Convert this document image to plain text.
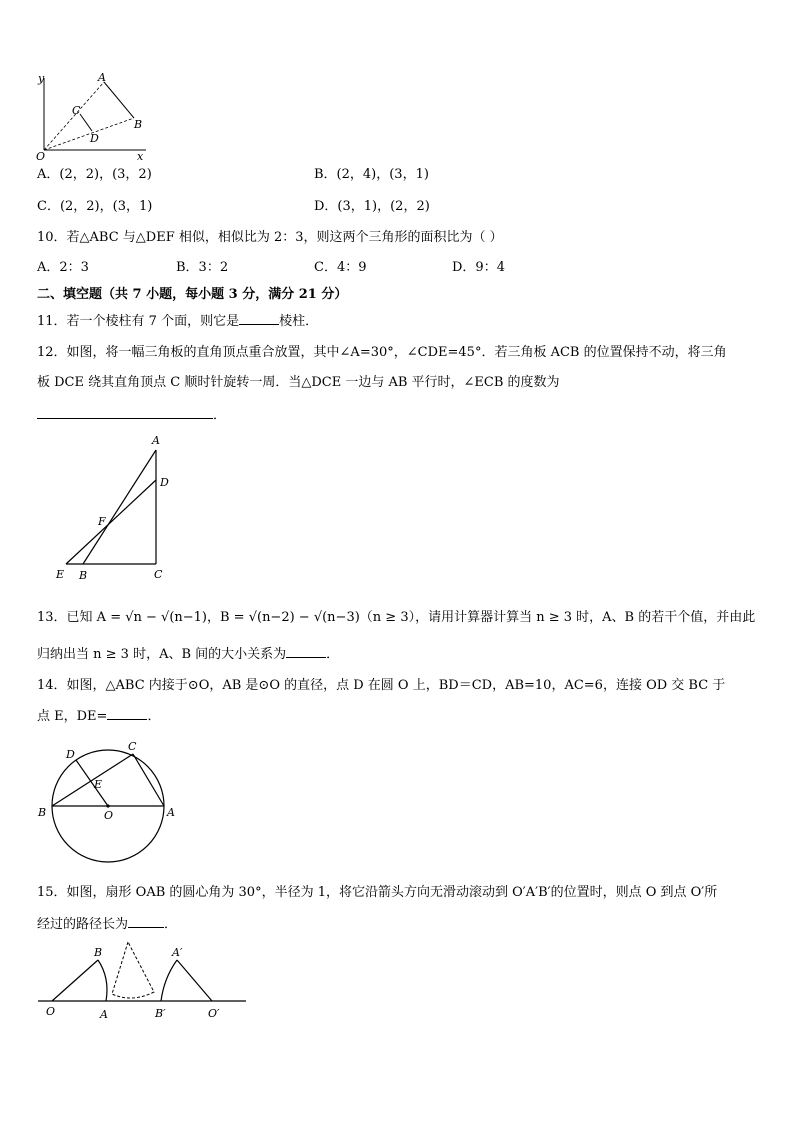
y
x
O
A
B
C
D
A．(2，2)，(3，2)	B．(2，4)，(3，1)
C．(2，2)，(3，1)	D．(3，1)，(2，2)
10．若△ABC 与△DEF 相似，相似比为 2：3，则这两个三角形的面积比为（ ）
A．2：3	B．3：2	C．4：9	D．9：4
二、填空题（共 7 小题，每小题 3 分，满分 21 分）
11．若一个棱柱有 7 个面，则它是	棱柱．
12．如图，将一幅三角板的直角顶点重合放置，其中∠A=30°，∠CDE=45°．若三角板 ACB 的位置保持不动，将三角
板 DCE 绕其直角顶点 C 顺时针旋转一周．当△DCE 一边与 AB 平行时，∠ECB 的度数为
．
A
D
F
E B	C
13．已知 A = √n − √(n−1)，B = √(n−2) − √(n−3)（n ≥ 3），请用计算器计算当 n ≥ 3 时，A、B 的若干个值，并由此
归纳出当 n ≥ 3 时，A、B 间的大小关系为	．
14．如图，△ABC 内接于⊙O，AB 是⊙O 的直径，点 D 在圆 O 上，BD＝CD，AB=10，AC=6，连接 OD 交 BC 于
点 E，DE=	．
D
C
E
B	O	A
15．如图，扇形 OAB 的圆心角为 30°，半径为 1，将它沿箭头方向无滑动滚动到 O′A′B′的位置时，则点 O 到点 O′所
经过的路径长为	．
B	A′
O	A	B′	O′
